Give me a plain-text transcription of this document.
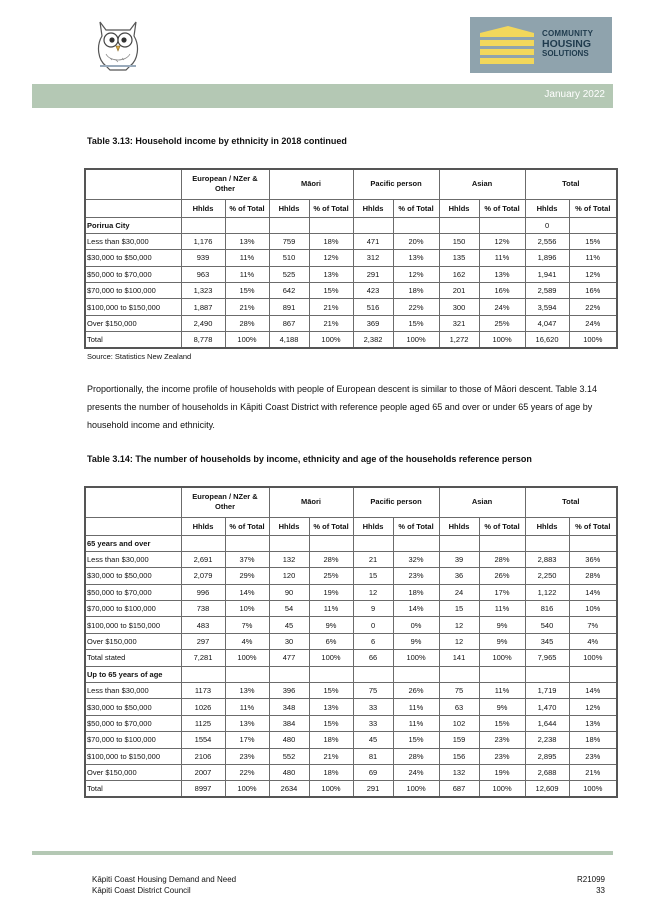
COMMUNITY
HOUSING
SOLUTIONS
January 2022
Table 3.13: Household income by ethnicity in 2018 continued
	European / NZer & Other		Māori		Pacific person		Asian		Total	
	Hhlds	% of Total	Hhlds	% of Total	Hhlds	% of Total	Hhlds	% of Total	Hhlds	% of Total
Porirua City									0	
Less than $30,000	1,176	13%	759	18%	471	20%	150	12%	2,556	15%
$30,000 to $50,000	939	11%	510	12%	312	13%	135	11%	1,896	11%
$50,000 to $70,000	963	11%	525	13%	291	12%	162	13%	1,941	12%
$70,000 to $100,000	1,323	15%	642	15%	423	18%	201	16%	2,589	16%
$100,000 to $150,000	1,887	21%	891	21%	516	22%	300	24%	3,594	22%
Over $150,000	2,490	28%	867	21%	369	15%	321	25%	4,047	24%
Total	8,778	100%	4,188	100%	2,382	100%	1,272	100%	16,620	100%
Source: Statistics New Zealand
Proportionally, the income profile of households with people of European descent is similar to those of Māori descent. Table 3.14 presents the number of households in Kāpiti Coast District with reference people aged 65 and over or under 65 years of age by household income and ethnicity.
Table 3.14: The number of households by income, ethnicity and age of the households reference person
	European / NZer & Other		Māori		Pacific person		Asian		Total	
	Hhlds	% of Total	Hhlds	% of Total	Hhlds	% of Total	Hhlds	% of Total	Hhlds	% of Total
65 years and over										
Less than $30,000	2,691	37%	132	28%	21	32%	39	28%	2,883	36%
$30,000 to $50,000	2,079	29%	120	25%	15	23%	36	26%	2,250	28%
$50,000 to $70,000	996	14%	90	19%	12	18%	24	17%	1,122	14%
$70,000 to $100,000	738	10%	54	11%	9	14%	15	11%	816	10%
$100,000 to $150,000	483	7%	45	9%	0	0%	12	9%	540	7%
Over $150,000	297	4%	30	6%	6	9%	12	9%	345	4%
Total stated	7,281	100%	477	100%	66	100%	141	100%	7,965	100%
Up to 65 years of age										
Less than $30,000	1173	13%	396	15%	75	26%	75	11%	1,719	14%
$30,000 to $50,000	1026	11%	348	13%	33	11%	63	9%	1,470	12%
$50,000 to $70,000	1125	13%	384	15%	33	11%	102	15%	1,644	13%
$70,000 to $100,000	1554	17%	480	18%	45	15%	159	23%	2,238	18%
$100,000 to $150,000	2106	23%	552	21%	81	28%	156	23%	2,895	23%
Over $150,000	2007	22%	480	18%	69	24%	132	19%	2,688	21%
Total	8997	100%	2634	100%	291	100%	687	100%	12,609	100%
Kāpiti Coast Housing Demand and Need
Kāpiti Coast District Council
R21099
33
